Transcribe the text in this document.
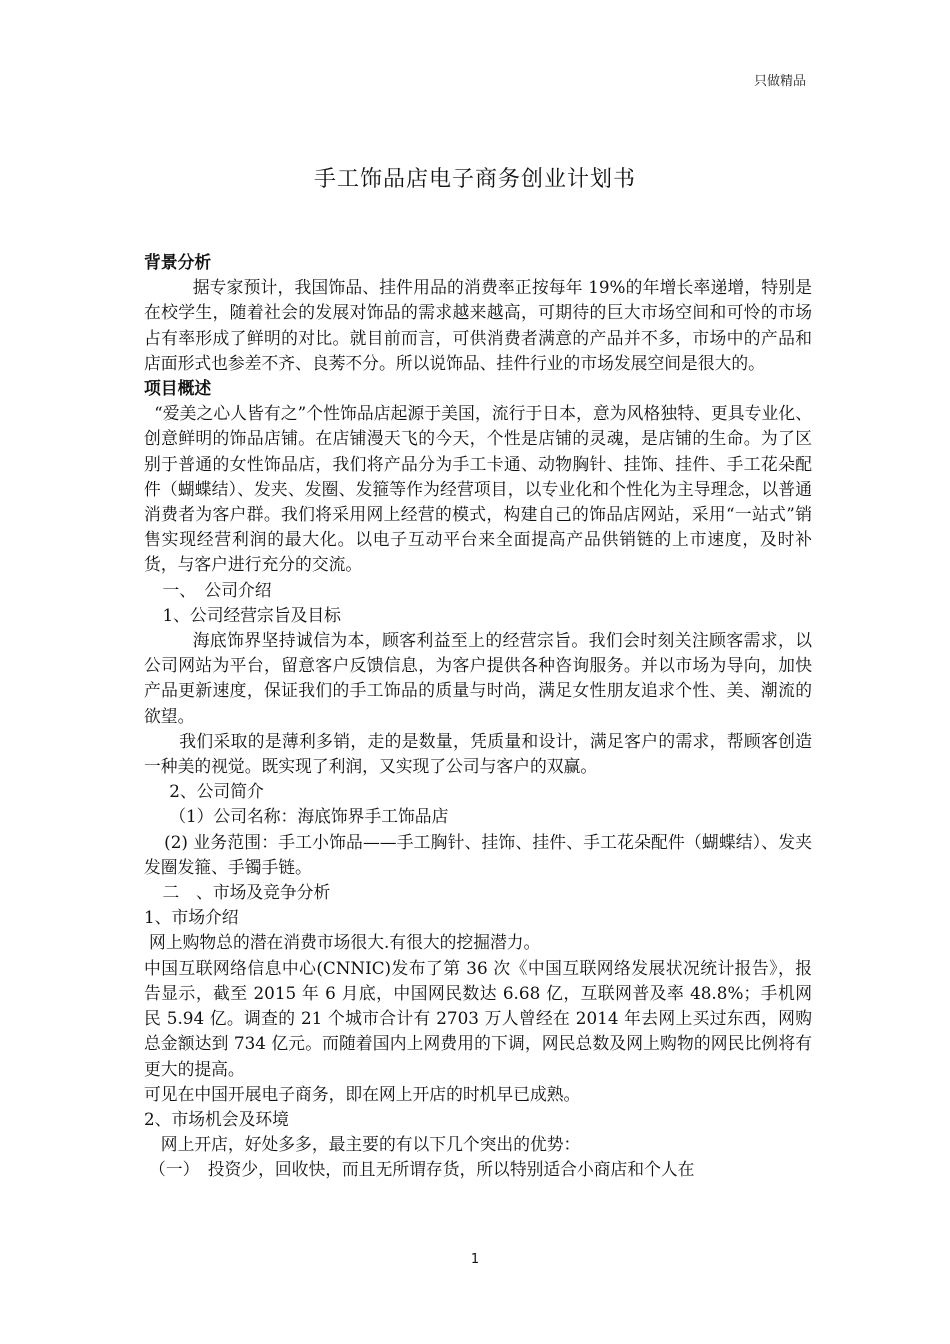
只做精品
手工饰品店电子商务创业计划书

背景分析

据专家预计，我国饰品、挂件用品的消费率正按每年 19%的年增长率递增，特别是在校学生，随着社会的发展对饰品的需求越来越高，可期待的巨大市场空间和可怜的市场占有率形成了鲜明的对比。就目前而言，可供消费者满意的产品并不多，市场中的产品和店面形式也参差不齐、良莠不分。所以说饰品、挂件行业的市场发展空间是很大的。

项目概述

“爱美之心人皆有之”个性饰品店起源于美国，流行于日本，意为风格独特、更具专业化、创意鲜明的饰品店铺。在店铺漫天飞的今天，个性是店铺的灵魂，是店铺的生命。为了区别于普通的女性饰品店，我们将产品分为手工卡通、动物胸针、挂饰、挂件、手工花朵配件（蝴蝶结）、发夹、发圈、发箍等作为经营项目，以专业化和个性化为主导理念，以普通消费者为客户群。我们将采用网上经营的模式，构建自己的饰品店网站，采用“一站式”销售实现经营利润的最大化。以电子互动平台来全面提高产品供销链的上市速度，及时补货，与客户进行充分的交流。

一、　公司介绍

1、公司经营宗旨及目标

海底饰界坚持诚信为本，顾客利益至上的经营宗旨。我们会时刻关注顾客需求，以公司网站为平台，留意客户反馈信息，为客户提供各种咨询服务。并以市场为导向，加快产品更新速度，保证我们的手工饰品的质量与时尚，满足女性朋友追求个性、美、潮流的欲望。

我们采取的是薄利多销，走的是数量，凭质量和设计，满足客户的需求，帮顾客创造一种美的视觉。既实现了利润，又实现了公司与客户的双赢。

2、公司简介

（1）公司名称：海底饰界手工饰品店

(2) 业务范围：手工小饰品——手工胸针、挂饰、挂件、手工花朵配件（蝴蝶结）、发夹发圈发箍、手镯手链。

二　、市场及竞争分析

1、市场介绍

网上购物总的潜在消费市场很大.有很大的挖掘潜力。

中国互联网络信息中心(CNNIC)发布了第 36 次《中国互联网络发展状况统计报告》，报告显示，截至 2015 年 6 月底，中国网民数达 6.68 亿，互联网普及率 48.8%；手机网民 5.94 亿。调查的 21 个城市合计有 2703 万人曾经在 2014 年去网上买过东西，网购总金额达到 734 亿元。而随着国内上网费用的下调，网民总数及网上购物的网民比例将有更大的提高。

可见在中国开展电子商务，即在网上开店的时机早已成熟。

2、市场机会及环境

网上开店，好处多多，最主要的有以下几个突出的优势：

（一）　投资少，回收快，而且无所谓存货，所以特别适合小商店和个人在

1
